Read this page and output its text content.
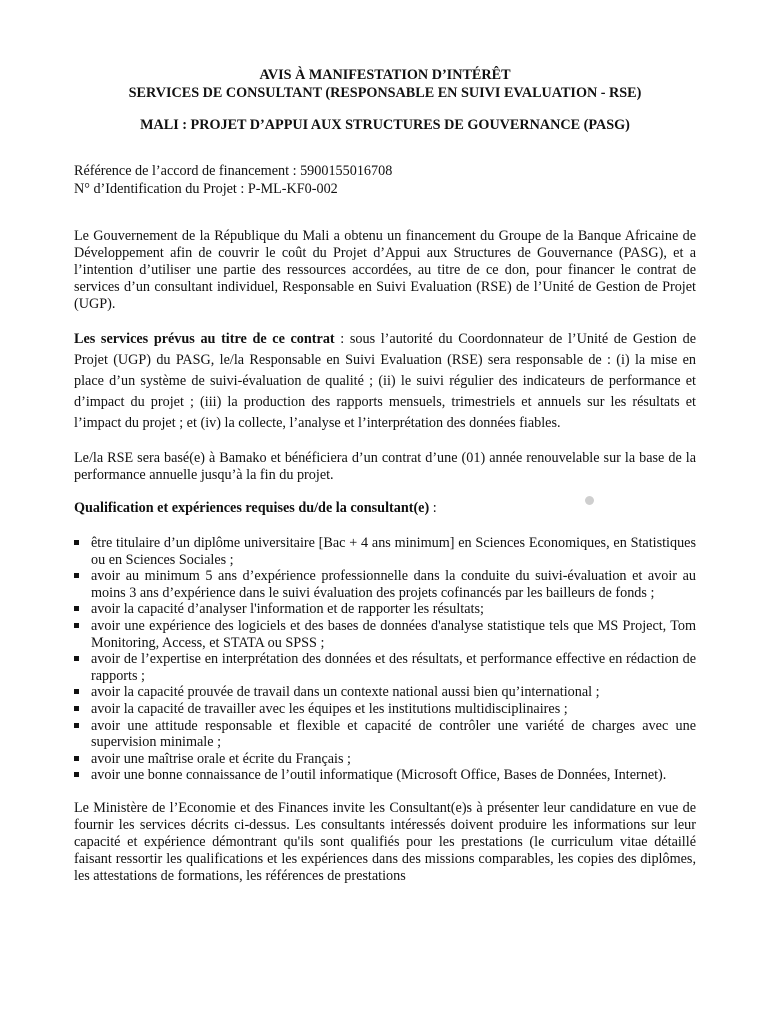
AVIS À MANIFESTATION D’INTÉRÊT
SERVICES DE CONSULTANT (RESPONSABLE EN SUIVI EVALUATION - RSE)
MALI : PROJET D’APPUI AUX STRUCTURES DE GOUVERNANCE (PASG)
Référence de l’accord de financement : 5900155016708
N° d’Identification du Projet : P-ML-KF0-002

Le Gouvernement de la République du Mali a obtenu un financement du Groupe de la Banque Africaine de Développement afin de couvrir le coût du Projet d’Appui aux Structures de Gouvernance (PASG), et a l’intention d’utiliser une partie des ressources accordées, au titre de ce don, pour financer le contrat de services d’un consultant individuel, Responsable en Suivi Evaluation (RSE) de l’Unité de Gestion de Projet (UGP).

Les services prévus au titre de ce contrat : sous l’autorité du Coordonnateur de l’Unité de Gestion de Projet (UGP) du PASG, le/la Responsable en Suivi Evaluation (RSE) sera responsable de : (i) la mise en place d’un système de suivi-évaluation de qualité ; (ii) le suivi régulier des indicateurs de performance et d’impact du projet ; (iii) la production des rapports mensuels, trimestriels et annuels sur les résultats et l’impact du projet ; et (iv) la collecte, l’analyse et l’interprétation des données fiables.

Le/la RSE sera basé(e) à Bamako et bénéficiera d’un contrat d’une (01) année renouvelable sur la base de la performance annuelle jusqu’à la fin du projet.

Qualification et expériences requises du/de la consultant(e) :

être titulaire d’un diplôme universitaire [Bac + 4 ans minimum] en Sciences Economiques, en Statistiques ou en Sciences Sociales ;
avoir au minimum 5 ans d’expérience professionnelle dans la conduite du suivi-évaluation et avoir au moins 3 ans d’expérience dans le suivi évaluation des projets cofinancés par les bailleurs de fonds ;
avoir la capacité d’analyser l'information et de rapporter les résultats;
avoir une expérience des logiciels et des bases de données d'analyse statistique tels que MS Project, Tom Monitoring, Access, et STATA ou SPSS ;
avoir de l’expertise en interprétation des données et des résultats, et performance effective en rédaction de rapports ;
avoir la capacité prouvée de travail dans un contexte national aussi bien qu’international ;
avoir la capacité de travailler avec les équipes et les institutions multidisciplinaires ;
avoir une attitude responsable et flexible et capacité de contrôler une variété de charges avec une supervision minimale ;
avoir une maîtrise orale et écrite du Français ;
avoir une bonne connaissance de l’outil informatique (Microsoft Office, Bases de Données, Internet).

Le Ministère de l’Economie et des Finances invite les Consultant(e)s à présenter leur candidature en vue de fournir les services décrits ci-dessus. Les consultants intéressés doivent produire les informations sur leur capacité et expérience démontrant qu'ils sont qualifiés pour les prestations (le curriculum vitae détaillé faisant ressortir les qualifications et les expériences dans des missions comparables, les copies des diplômes, les attestations de formations, les références de prestations
